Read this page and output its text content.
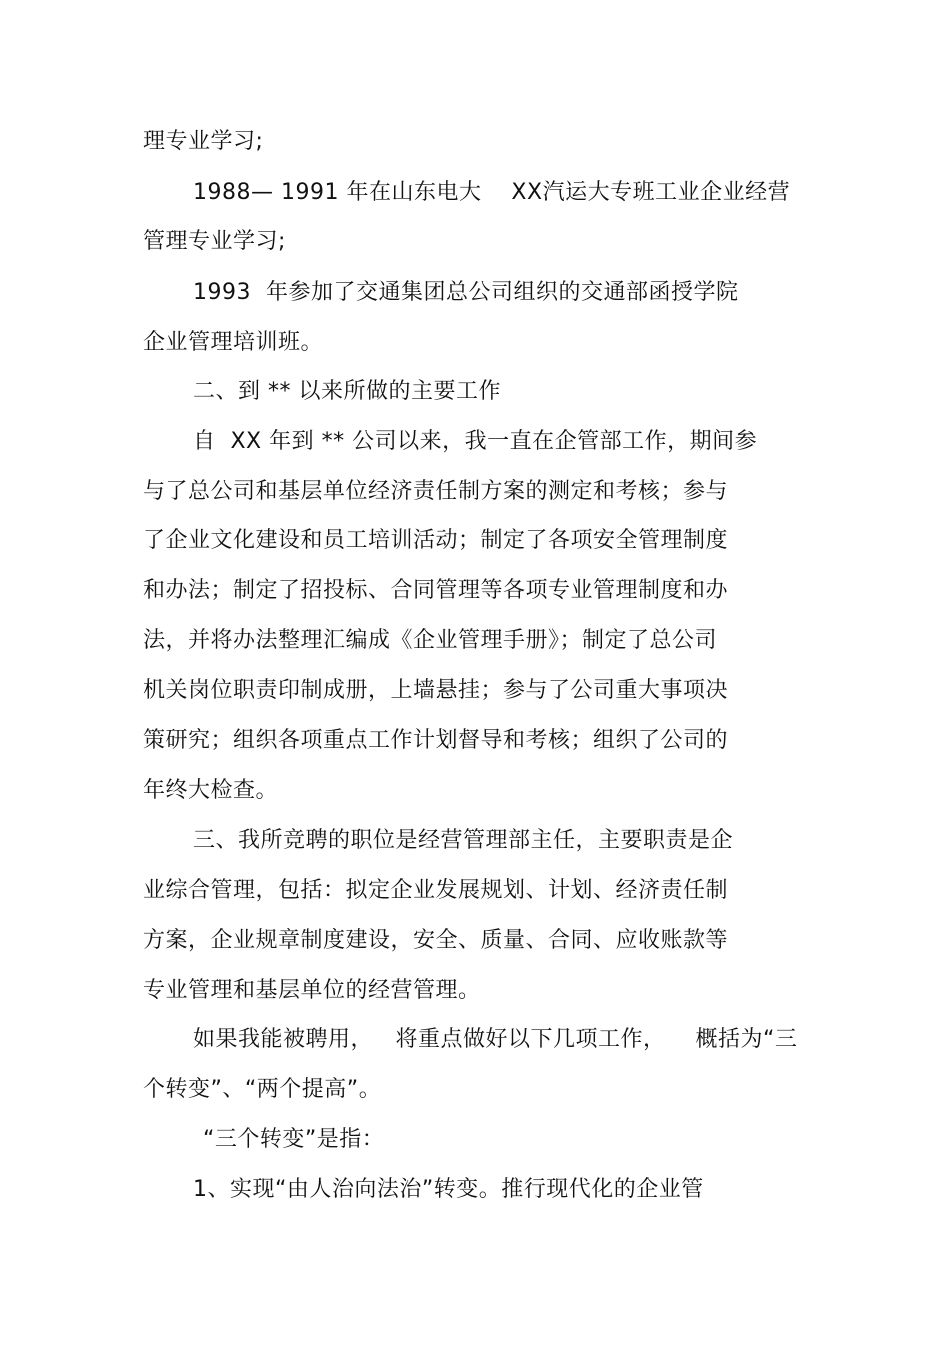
理专业学习;
1988— 1991 年在山东电大    XX汽运大专班工业企业经营
管理专业学习;
1993  年参加了交通集团总公司组织的交通部函授学院
企业管理培训班。
二、到 ** 以来所做的主要工作
自  XX 年到 ** 公司以来，我一直在企管部工作，期间参
与了总公司和基层单位经济责任制方案的测定和考核；参与
了企业文化建设和员工培训活动；制定了各项安全管理制度
和办法；制定了招投标、合同管理等各项专业管理制度和办
法，并将办法整理汇编成《企业管理手册》；制定了总公司
机关岗位职责印制成册，上墙悬挂；参与了公司重大事项决
策研究；组织各项重点工作计划督导和考核；组织了公司的
年终大检查。
三、我所竞聘的职位是经营管理部主任，主要职责是企
业综合管理，包括：拟定企业发展规划、计划、经济责任制
方案，企业规章制度建设，安全、质量、合同、应收账款等
专业管理和基层单位的经营管理。
如果我能被聘用，   将重点做好以下几项工作，    概括为“三
个转变”、“两个提高”。
“三个转变”是指：
1、实现“由人治向法治”转变。推行现代化的企业管
